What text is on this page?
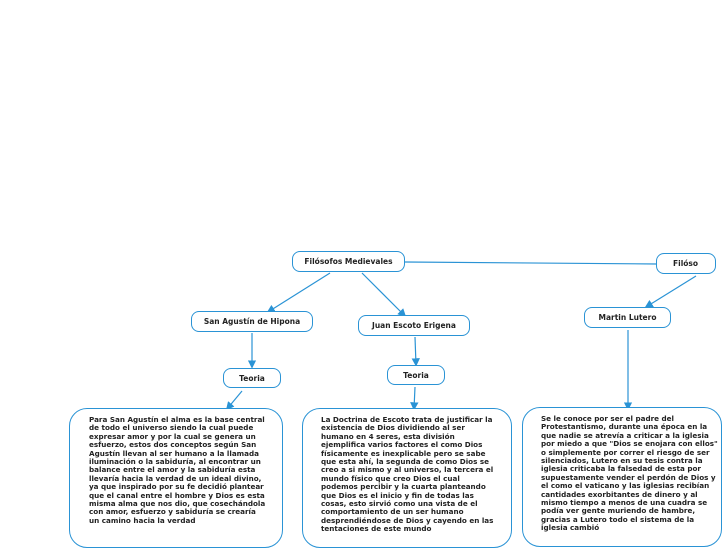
Filósofos Medievales	Filóso
San Agustín de Hipona	Juan Escoto Erigena
Martin Lutero
Teoria	Teoria

Para San Agustín el alma es la base central de todo el universo siendo la cual puede expresar amor y por la cual se genera un esfuerzo, estos dos conceptos según San Agustín llevan al ser humano a la llamada iluminación o la sabiduría, al encontrar un balance entre el amor y la sabiduría esta llevaría hacia la verdad de un ideal divino, ya que inspirado por su fe decidió plantear que el canal entre el hombre y Dios es esta misma alma que nos dio, que cosechándola con amor, esfuerzo y sabiduría se crearía un camino hacia la verdad

La Doctrina de Escoto trata de justificar la existencia de Dios dividiendo al ser humano en 4 seres, esta división ejemplifica varios factores el como Dios físicamente es inexplicable pero se sabe que esta ahí, la segunda de como Dios se creo a si mismo y al universo, la tercera el mundo físico que creo Dios el cual podemos percibir y la cuarta planteando que Dios es el inicio y fin de todas las cosas, esto sirvió como una vista de el comportamiento de un ser humano desprendiéndose de Dios y cayendo en las tentaciones de este mundo

Se le conoce por ser el padre del Protestantismo, durante una época en la que nadie se atrevía a criticar a la iglesia por miedo a que "Dios se enojara con ellos" o simplemente por correr el riesgo de ser silenciados, Lutero en su tesis contra la iglesia criticaba la falsedad de esta por supuestamente vender el perdón de Dios y el como el vaticano y las iglesias recibían cantidades exorbitantes de dinero y al mismo tiempo a menos de una cuadra se podía ver gente muriendo de hambre, gracias a Lutero todo el sistema de la iglesia cambió
